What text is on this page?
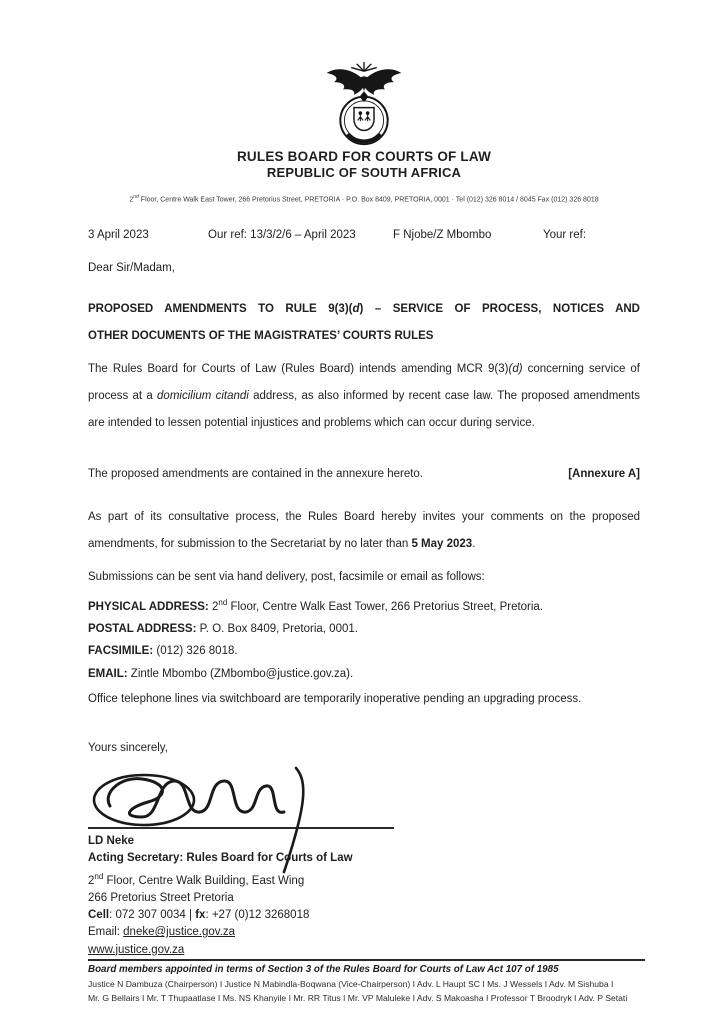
RULES BOARD FOR COURTS OF LAW
REPUBLIC OF SOUTH AFRICA
2nd Floor, Centre Walk East Tower, 266 Pretorius Street, PRETORIA · P.O. Box 8409, PRETORIA, 0001 · Tel (012) 326 8014 / 8045 Fax (012) 326 8018
3 April 2023	Our ref: 13/3/2/6 – April 2023	F Njobe/Z Mbombo	Your ref:
Dear Sir/Madam,
PROPOSED AMENDMENTS TO RULE 9(3)(d) – SERVICE OF PROCESS, NOTICES AND
OTHER DOCUMENTS OF THE MAGISTRATES’ COURTS RULES
The Rules Board for Courts of Law (Rules Board) intends amending MCR 9(3)(d) concerning service of process at a domicilium citandi address, as also informed by recent case law. The proposed amendments are intended to lessen potential injustices and problems which can occur during service.
The proposed amendments are contained in the annexure hereto.	[Annexure A]
As part of its consultative process, the Rules Board hereby invites your comments on the proposed amendments, for submission to the Secretariat by no later than 5 May 2023.
Submissions can be sent via hand delivery, post, facsimile or email as follows:
PHYSICAL ADDRESS: 2nd Floor, Centre Walk East Tower, 266 Pretorius Street, Pretoria.
POSTAL ADDRESS: P. O. Box 8409, Pretoria, 0001.
FACSIMILE: (012) 326 8018.
EMAIL: Zintle Mbombo (ZMbombo@justice.gov.za).
Office telephone lines via switchboard are temporarily inoperative pending an upgrading process.
Yours sincerely,
LD Neke
Acting Secretary: Rules Board for Courts of Law
2nd Floor, Centre Walk Building, East Wing
266 Pretorius Street Pretoria
Cell: 072 307 0034 | fx: +27 (0)12 3268018
Email: dneke@justice.gov.za
www.justice.gov.za
Board members appointed in terms of Section 3 of the Rules Board for Courts of Law Act 107 of 1985
Justice N Dambuza (Chairperson) I Justice N Mabindla-Boqwana (Vice-Chairperson) I Adv. L Haupt SC I Ms. J Wessels I Adv. M Sishuba I
Mr. G Bellairs I Mr. T Thupaatlase I Ms. NS Khanyile I Mr. RR Titus I Mr. VP Maluleke I Adv. S Makoasha I Professor T Broodryk I Adv. P Setati
